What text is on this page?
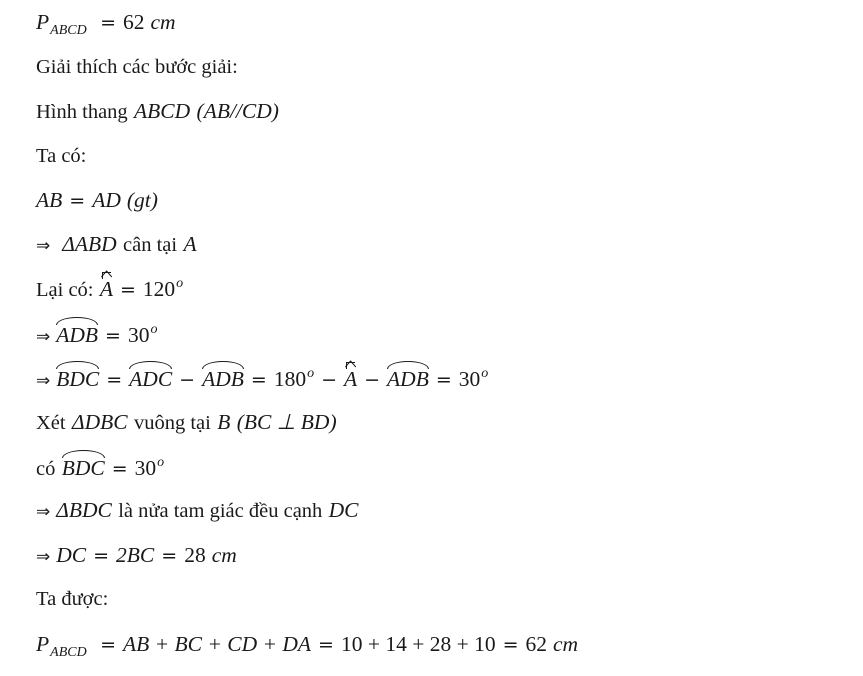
$P_{ABCD} = 62$ cm
Giải thích các bước giải:
Hình thang ABCD (AB//CD)
Ta có:
AB = AD (gt)
⇒ ΔABD cân tại A
Lại có: $A = 120^o$
⇒ ADB = $30^o$
⇒ BDC = ADC − ADB = $180^o - A$ − ADB = $30^o$
Xét ΔDBC vuông tại B (BC ⊥ BD)
có BDC = $30^o$
⇒ ΔBDC là nửa tam giác đều cạnh DC
⇒ DC = 2BC = 28 cm
Ta được:
$P_{ABCD}$ = AB + BC + CD + DA = 10 + 14 + 28 + 10 = 62 cm
